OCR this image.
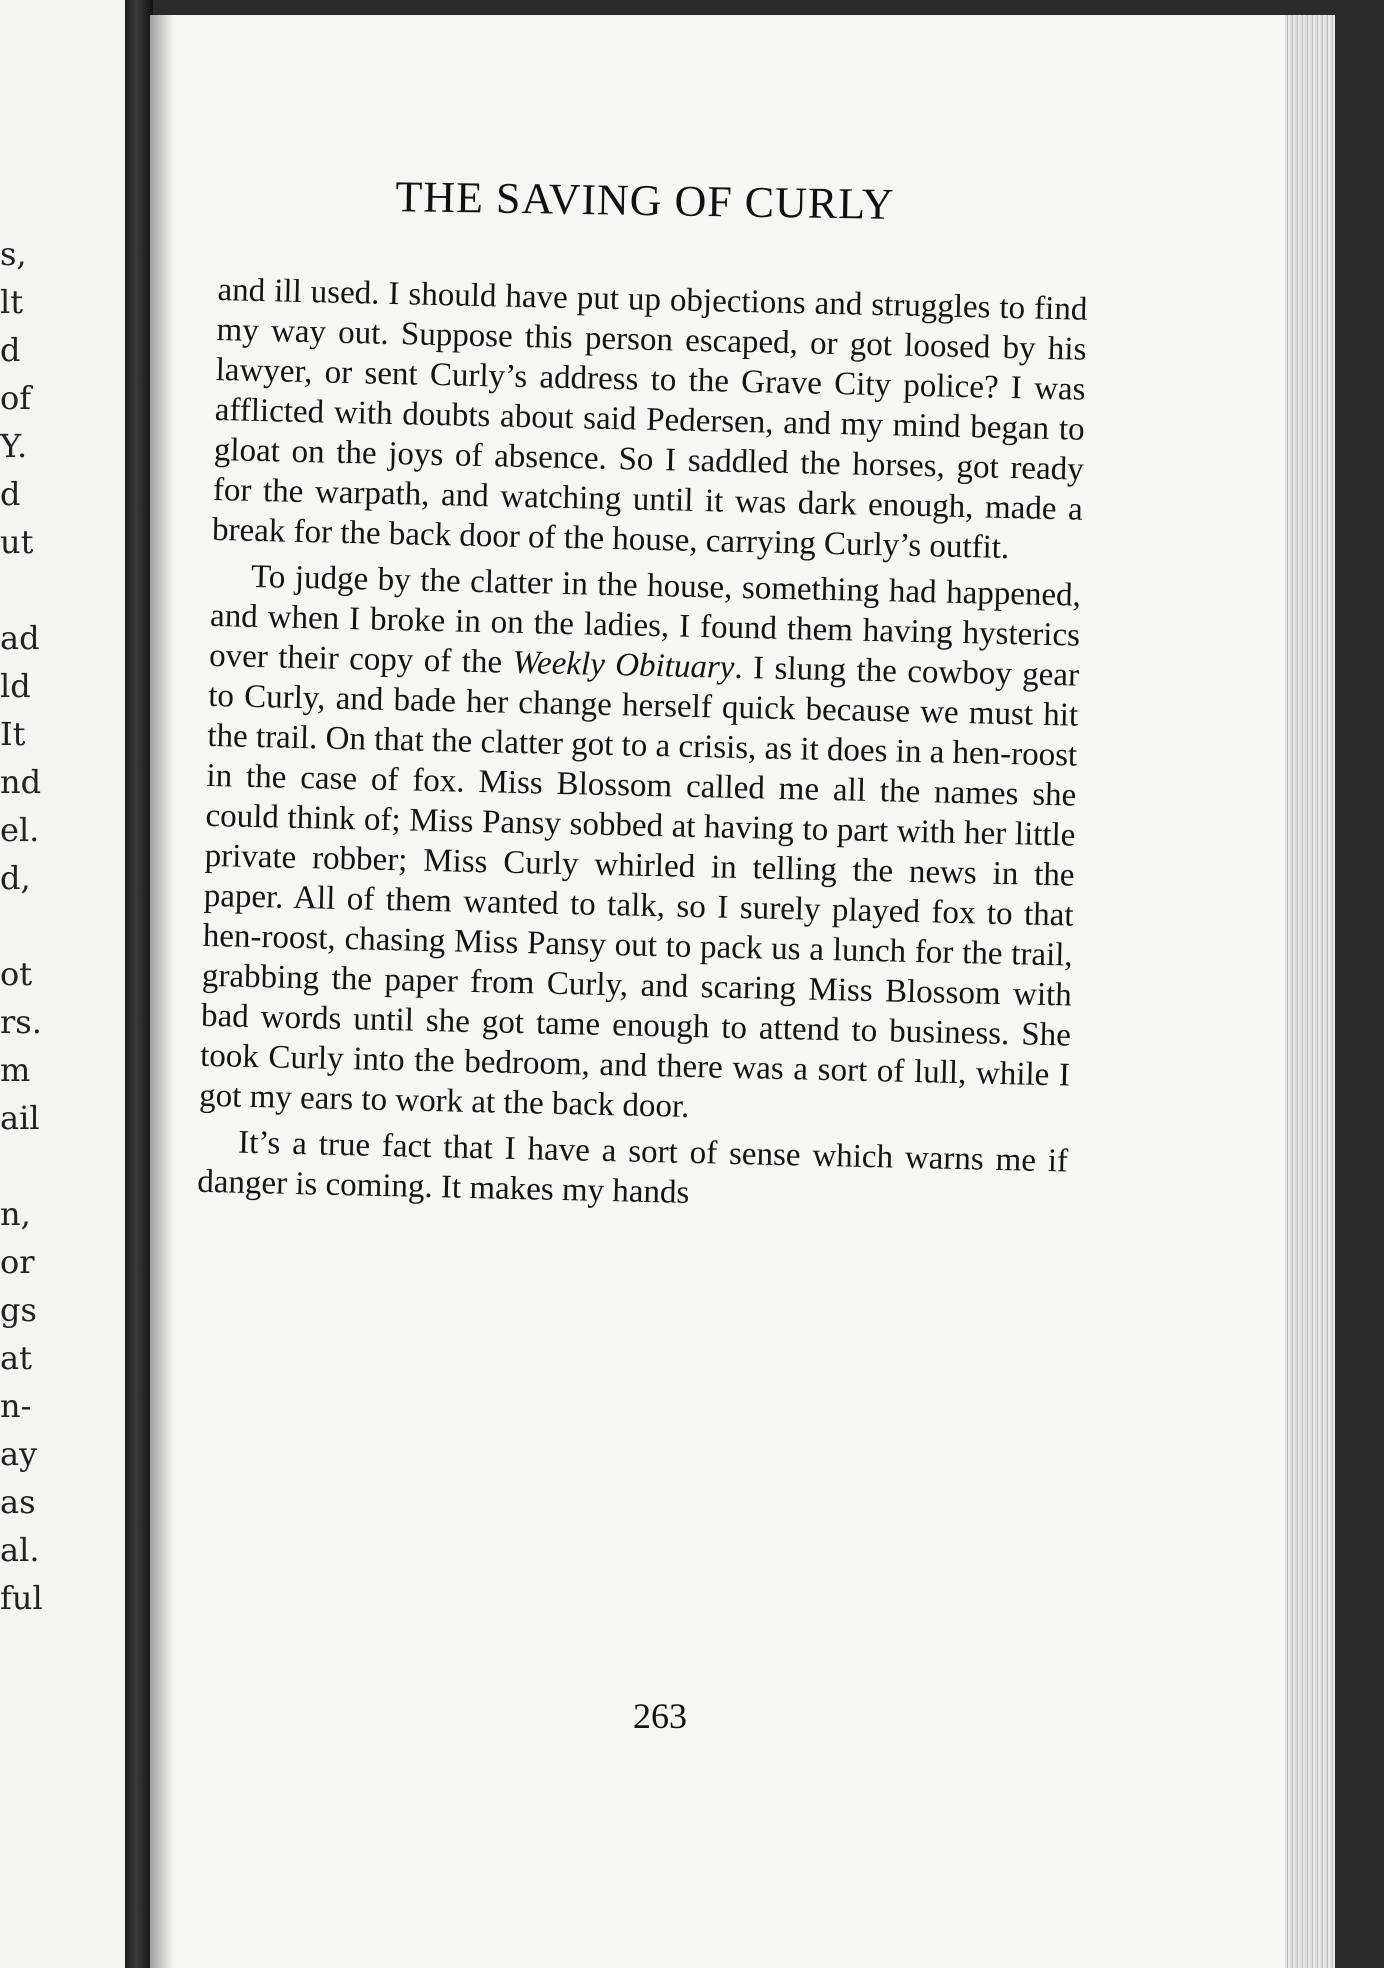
s,
lt
d
of
Y.
d
ut
ad
ld
It
nd
el.
d,
ot
rs.
m
ail
n,
or
gs
at
n-
ay
as
al.
ful
THE SAVING OF CURLY

and ill used. I should have put up objections and struggles to find my way out. Suppose this person escaped, or got loosed by his lawyer, or sent Curly’s address to the Grave City police? I was afflicted with doubts about said Pedersen, and my mind began to gloat on the joys of absence. So I saddled the horses, got ready for the warpath, and watching until it was dark enough, made a break for the back door of the house, carrying Curly’s outfit.

To judge by the clatter in the house, something had happened, and when I broke in on the ladies, I found them having hysterics over their copy of the Weekly Obituary. I slung the cowboy gear to Curly, and bade her change herself quick because we must hit the trail. On that the clatter got to a crisis, as it does in a hen-roost in the case of fox. Miss Blossom called me all the names she could think of; Miss Pansy sobbed at having to part with her little private robber; Miss Curly whirled in telling the news in the paper. All of them wanted to talk, so I surely played fox to that hen-roost, chasing Miss Pansy out to pack us a lunch for the trail, grabbing the paper from Curly, and scaring Miss Blossom with bad words until she got tame enough to attend to business. She took Curly into the bedroom, and there was a sort of lull, while I got my ears to work at the back door.

It’s a true fact that I have a sort of sense which warns me if danger is coming. It makes my hands

263
